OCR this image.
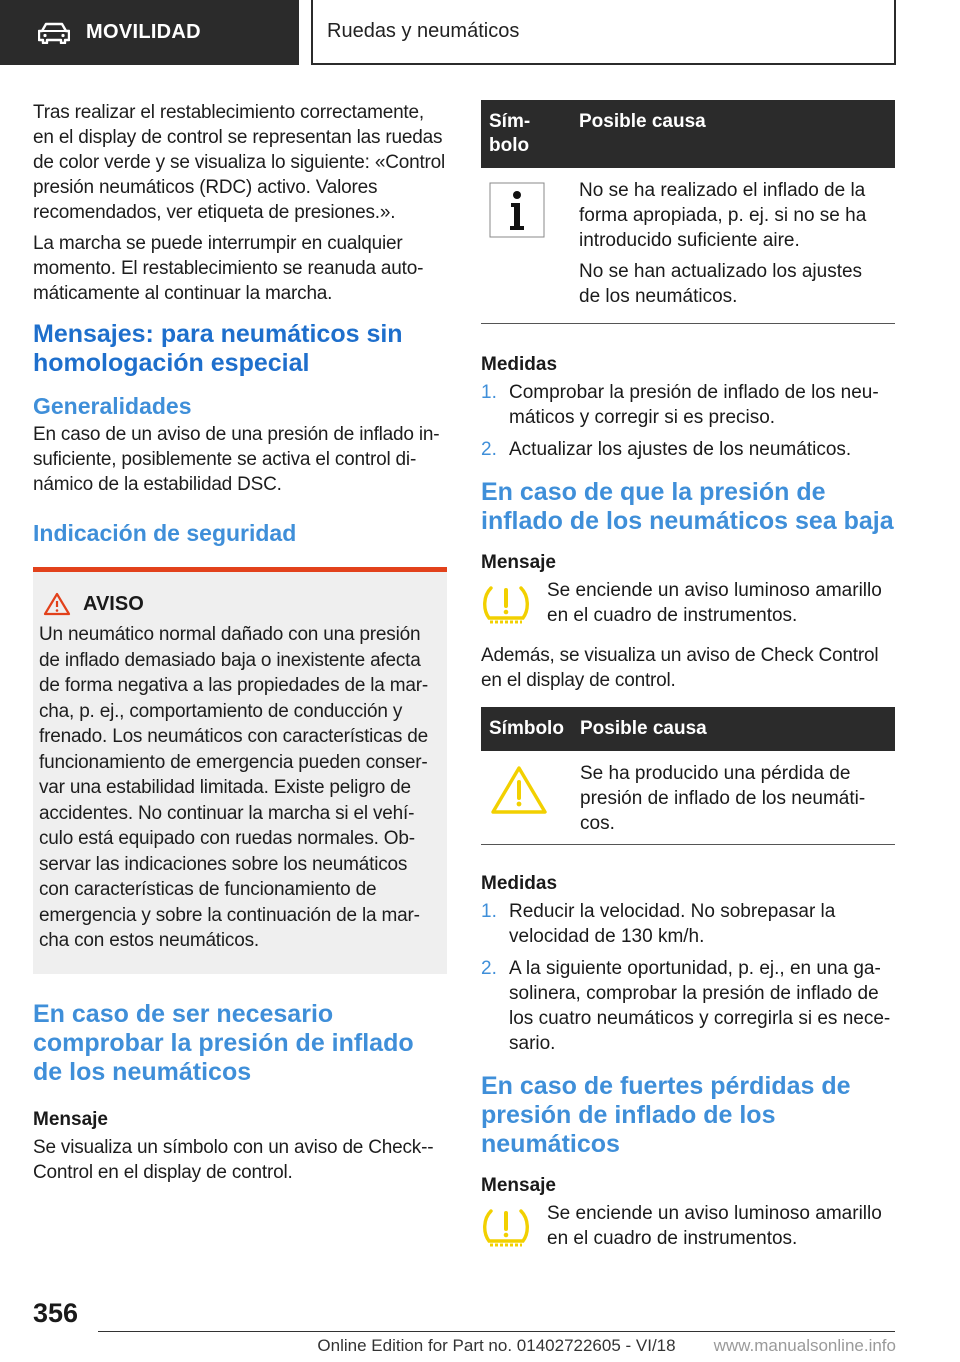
MOVILIDAD	Ruedas y neumáticos

Tras realizar el restablecimiento correctamente, en el display de control se representan las ruedas de color verde y se visualiza lo siguiente: «Control presión neumáticos (RDC) activo. Valores recomendados, ver etiqueta de presiones.».

La marcha se puede interrumpir en cualquier momento. El restablecimiento se reanuda automáticamente al continuar la marcha.

Mensajes: para neumáticos sin homologación especial
Generalidades

En caso de un aviso de una presión de inflado insuficiente, posiblemente se activa el control dinámico de la estabilidad DSC.

Indicación de seguridad
AVISO

Un neumático normal dañado con una presión de inflado demasiado baja o inexistente afecta de forma negativa a las propiedades de la marcha, p. ej., comportamiento de conducción y frenado. Los neumáticos con características de funcionamiento de emergencia pueden conservar una estabilidad limitada. Existe peligro de accidentes. No continuar la marcha si el vehículo está equipado con ruedas normales. Observar las indicaciones sobre los neumáticos con características de funcionamiento de emergencia y sobre la continuación de la marcha con estos neumáticos.

En caso de ser necesario comprobar la presión de inflado de los neumáticos
Mensaje

Se visualiza un símbolo con un aviso de Check-Control en el display de control.

Símbolo	Posible causa

No se ha realizado el inflado de la forma apropiada, p. ej. si no se ha introducido suficiente aire.

No se han actualizado los ajustes de los neumáticos.

Medidas
1. Comprobar la presión de inflado de los neumáticos y corregir si es preciso.
2. Actualizar los ajustes de los neumáticos.
En caso de que la presión de inflado de los neumáticos sea baja
Mensaje

Se enciende un aviso luminoso amarillo en el cuadro de instrumentos.

Además, se visualiza un aviso de Check Control en el display de control.

Símbolo	Posible causa
	Se ha producido una pérdida de presión de inflado de los neumáticos.
Medidas
1. Reducir la velocidad. No sobrepasar la velocidad de 130 km/h.
2. A la siguiente oportunidad, p. ej., en una gasolinera, comprobar la presión de inflado de los cuatro neumáticos y corregirla si es necesario.
En caso de fuertes pérdidas de presión de inflado de los neumáticos
Mensaje

Se enciende un aviso luminoso amarillo en el cuadro de instrumentos.

356
Online Edition for Part no. 01402722605 - VI/18	www.manualsonline.info
